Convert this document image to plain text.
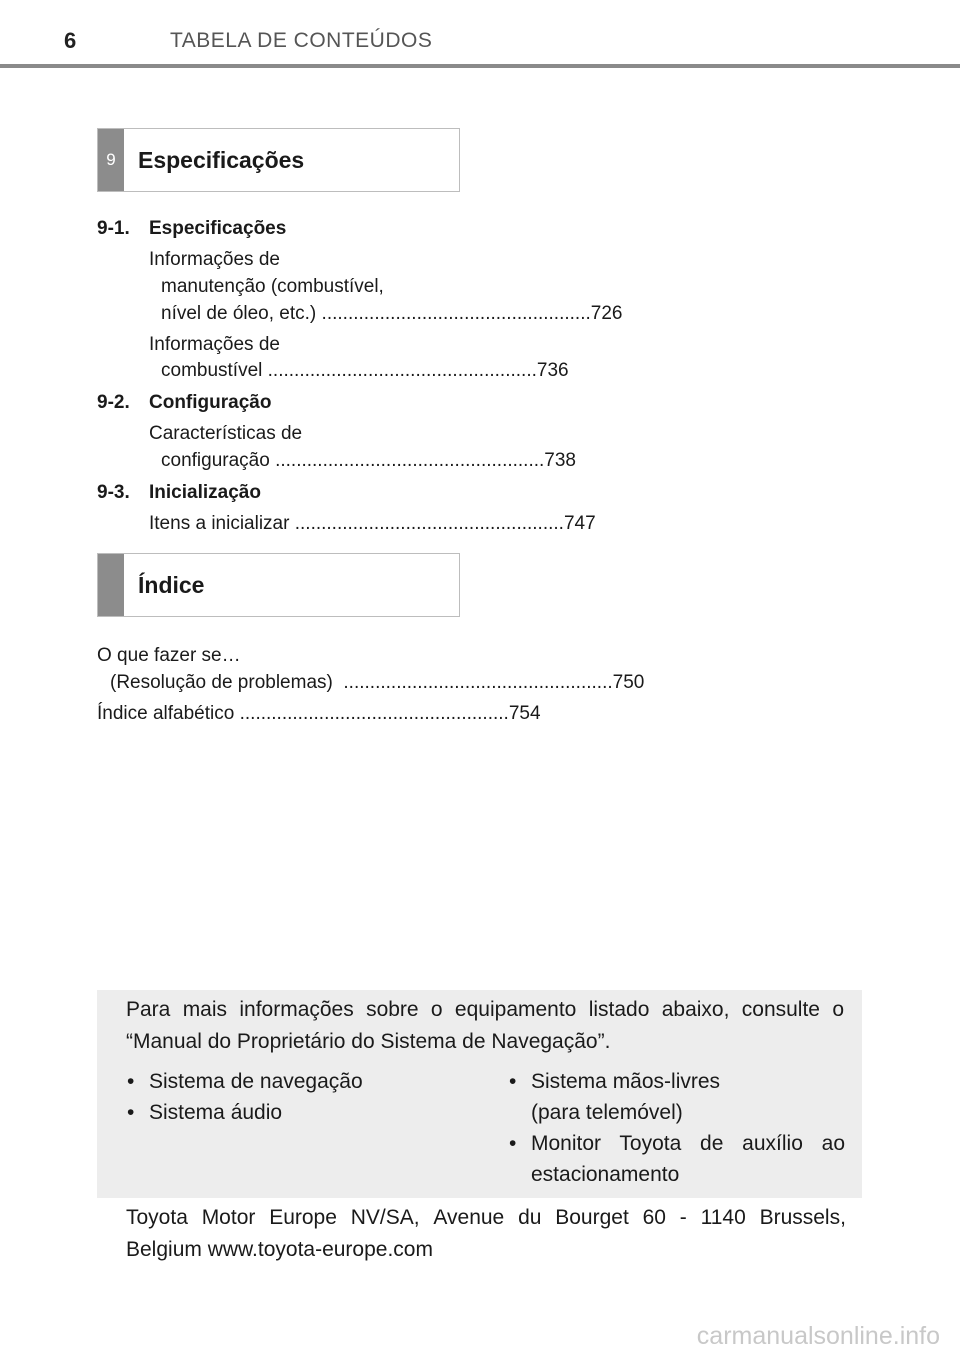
6	TABELA DE CONTEÚDOS
9 Especificações
9-1. Especificações
Informações de
manutenção (combustível,
nível de óleo, etc.) ................................................... 726
Informações de
combustível ................................................... 736
9-2. Configuração
Características de
configuração ................................................... 738
9-3. Inicialização
Itens a inicializar ................................................... 747
Índice
O que fazer se…
(Resolução de problemas) ................................................... 750
Índice alfabético ................................................... 754
Para mais informações sobre o equipamento listado abaixo, consulte o “Manual do Proprietário do Sistema de Navegação”.
• Sistema de navegação
• Sistema áudio
• Sistema mãos-livres
(para telemóvel)
• Monitor Toyota de auxílio ao
estacionamento
Toyota Motor Europe NV/SA, Avenue du Bourget 60 - 1140 Brussels,
Belgium www.toyota-europe.com
carmanualsonline.info
